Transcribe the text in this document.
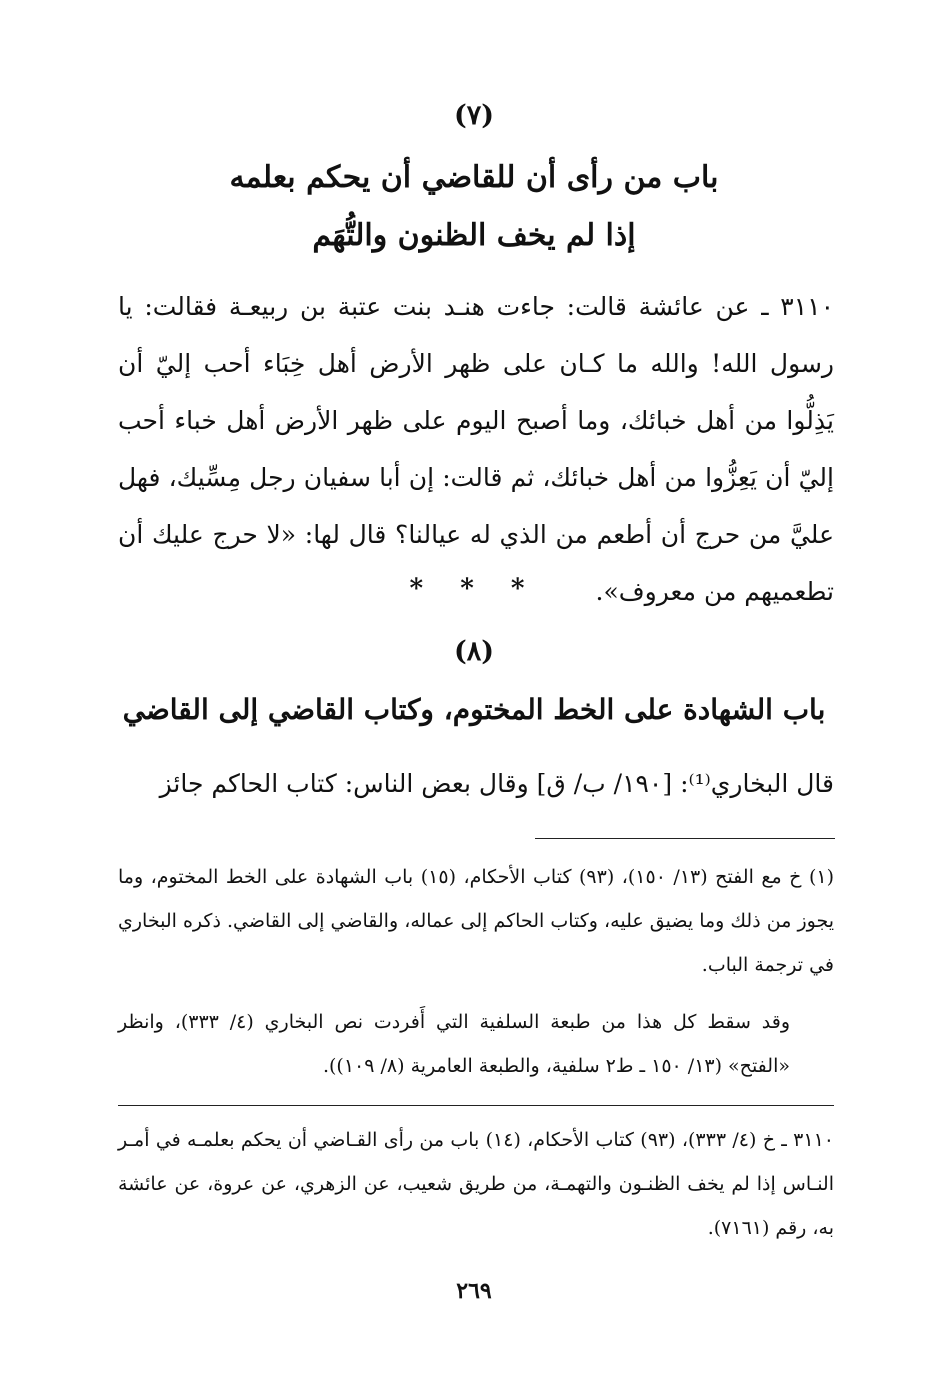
(٧)
باب من رأى أن للقاضي أن يحكم بعلمه
إذا لم يخف الظنون والتُّهَم
٣١١٠ ـ عن عائشة قالت: جاءت هنـد بنت عتبة بن ربيعـة فقالت: يا رسول الله! والله ما كـان على ظهر الأرض أهل خِبَاء أحب إليّ أن يَذِلُّوا من أهل خبائك، وما أصبح اليوم على ظهر الأرض أهل خباء أحب إليّ أن يَعِزُّوا من أهل خبائك، ثم قالت: إن أبا سفيان رجل مِسِّيك، فهل عليَّ من حرج أن أطعم من الذي له عيالنا؟ قال لها: «لا حرج عليك أن تطعميهم من معروف».
* * *
(٨)
باب الشهادة على الخط المختوم، وكتاب القاضي إلى القاضي
قال البخاري⁽¹⁾: [١٩٠/ ب/ ق] وقال بعض الناس: كتاب الحاكم جائز
(١) خ مع الفتح (١٣/ ١٥٠)، (٩٣) كتاب الأحكام، (١٥) باب الشهادة على الخط المختوم، وما يجوز من ذلك وما يضيق عليه، وكتاب الحاكم إلى عماله، والقاضي إلى القاضي. ذكره البخاري في ترجمة الباب.
وقد سقط كل هذا من طبعة السلفية التي أَفردت نص البخاري (٤/ ٣٣٣)، وانظر «الفتح» (١٣/ ١٥٠ ـ ط٢ سلفية، والطبعة العامرية (٨/ ١٠٩)).
٣١١٠ ـ خ (٤/ ٣٣٣)، (٩٣) كتاب الأحكام، (١٤) باب من رأى القـاضي أن يحكم بعلمـه في أمـر النـاس إذا لم يخف الظنـون والتهمـة، من طريق شعيب، عن الزهري، عن عروة، عن عائشة به، رقم (٧١٦١).
٢٦٩
